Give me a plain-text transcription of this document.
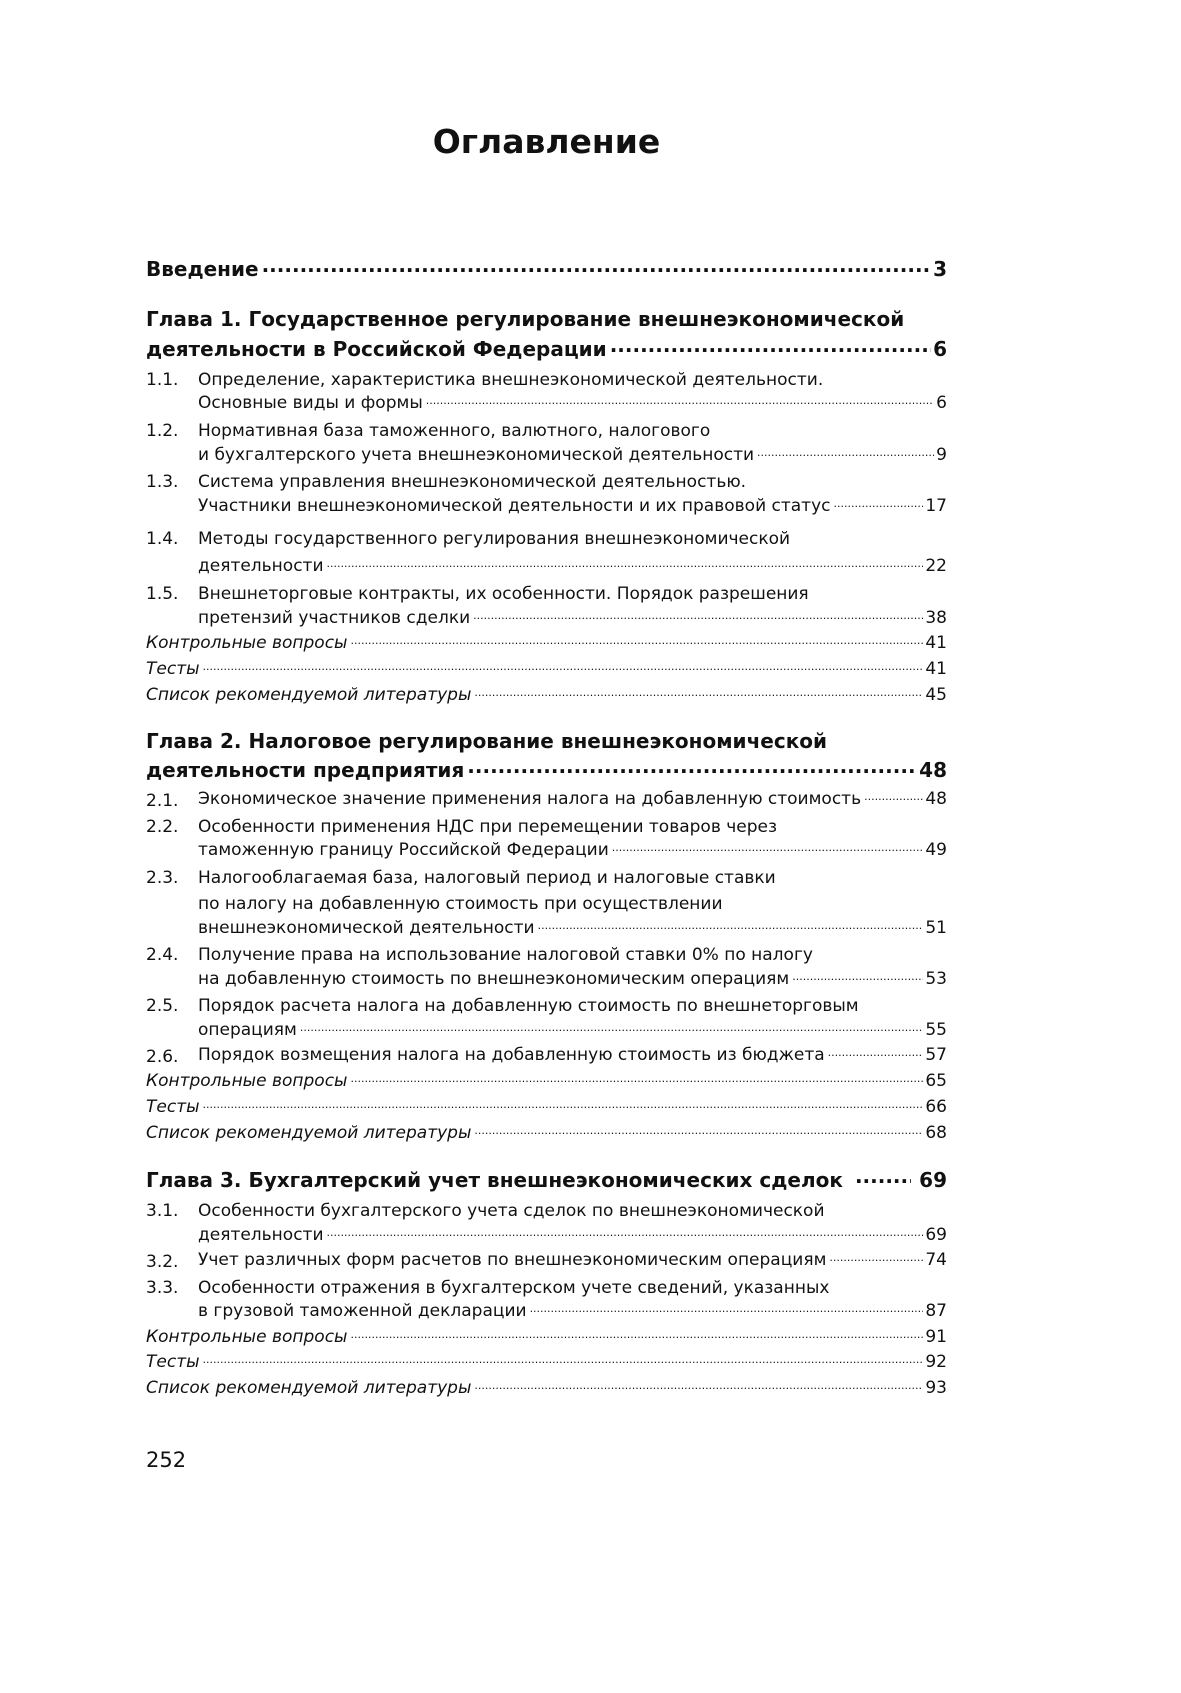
Оглавление
Введение .....	3
Глава 1. Государственное регулирование внешнеэкономической
деятельности в Российской Федерации .....	6
1.1. Определение, характеристика внешнеэкономической деятельности.
Основные виды и формы .....	6
1.2. Нормативная база таможенного, валютного, налогового
и бухгалтерского учета внешнеэкономической деятельности .....	9
1.3. Система управления внешнеэкономической деятельностью.
Участники внешнеэкономической деятельности и их правовой статус .....	17
1.4. Методы государственного регулирования внешнеэкономической
деятельности .....	22
1.5. Внешнеторговые контракты, их особенности. Порядок разрешения
претензий участников сделки .....	38
Контрольные вопросы .....	41
Тесты .....	41
Список рекомендуемой литературы .....	45
Глава 2. Налоговое регулирование внешнеэкономической
деятельности предприятия .....	48
2.1. Экономическое значение применения налога на добавленную стоимость .....	48
2.2. Особенности применения НДС при перемещении товаров через
таможенную границу Российской Федерации .....	49
2.3. Налогооблагаемая база, налоговый период и налоговые ставки
по налогу на добавленную стоимость при осуществлении
внешнеэкономической деятельности .....	51
2.4. Получение права на использование налоговой ставки 0% по налогу
на добавленную стоимость по внешнеэкономическим операциям .....	53
2.5. Порядок расчета налога на добавленную стоимость по внешнеторговым
операциям .....	55
2.6. Порядок возмещения налога на добавленную стоимость из бюджета .....	57
Контрольные вопросы .....	65
Тесты .....	66
Список рекомендуемой литературы .....	68
Глава 3. Бухгалтерский учет внешнеэкономических сделок .....	69
3.1. Особенности бухгалтерского учета сделок по внешнеэкономической
деятельности .....	69
3.2. Учет различных форм расчетов по внешнеэкономическим операциям .....	74
3.3. Особенности отражения в бухгалтерском учете сведений, указанных
в грузовой таможенной декларации .....	87
Контрольные вопросы .....	91
Тесты .....	92
Список рекомендуемой литературы .....	93
252
